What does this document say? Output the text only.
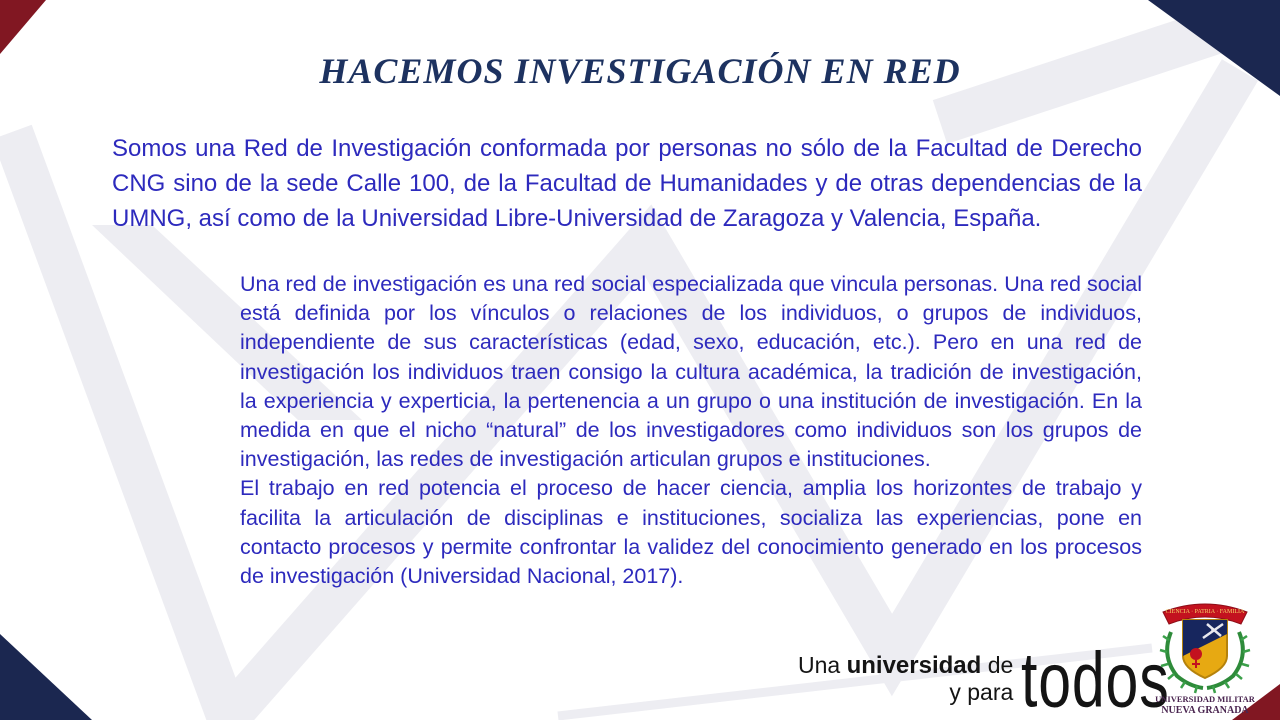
HACEMOS INVESTIGACIÓN EN RED
Somos una Red de Investigación conformada por personas no sólo de la Facultad de Derecho CNG sino de la sede Calle 100, de la Facultad de Humanidades y de otras dependencias de la UMNG, así como de la Universidad Libre-Universidad de Zaragoza y Valencia, España.

Una red de investigación es una red social especializada que vincula personas. Una red social está definida por los vínculos o relaciones de los individuos, o grupos de individuos, independiente de sus características (edad, sexo, educación, etc.). Pero en una red de investigación los individuos traen consigo la cultura académica, la tradición de investigación, la experiencia y experticia, la pertenencia a un grupo o una institución de investigación. En la medida en que el nicho “natural” de los investigadores como individuos son los grupos de investigación, las redes de investigación articulan grupos e instituciones.

El trabajo en red potencia el proceso de hacer ciencia, amplia los horizontes de trabajo y facilita la articulación de disciplinas e instituciones, socializa las experiencias, pone en contacto procesos y permite confrontar la validez del conocimiento generado en los procesos de investigación (Universidad Nacional, 2017).

Una universidad de
y para todos
CIENCIA · PATRIA · FAMILIA
UNIVERSIDAD MILITAR
NUEVA GRANADA
